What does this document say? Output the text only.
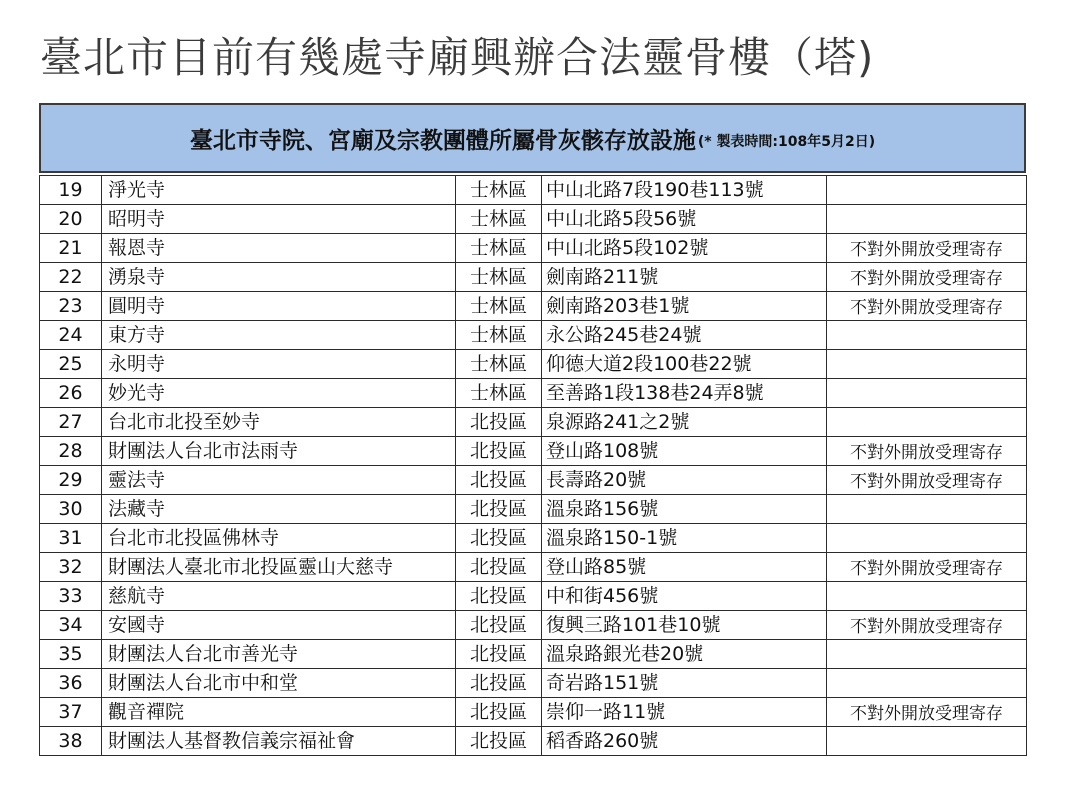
臺北市目前有幾處寺廟興辦合法靈骨樓（塔)
臺北市寺院、宮廟及宗教團體所屬骨灰骸存放設施 (* 製表時間:108年5月2日)
19	淨光寺	士林區	中山北路7段190巷113號	
20	昭明寺	士林區	中山北路5段56號	
21	報恩寺	士林區	中山北路5段102號	不對外開放受理寄存
22	湧泉寺	士林區	劍南路211號	不對外開放受理寄存
23	圓明寺	士林區	劍南路203巷1號	不對外開放受理寄存
24	東方寺	士林區	永公路245巷24號	
25	永明寺	士林區	仰德大道2段100巷22號	
26	妙光寺	士林區	至善路1段138巷24弄8號	
27	台北市北投至妙寺	北投區	泉源路241之2號	
28	財團法人台北市法雨寺	北投區	登山路108號	不對外開放受理寄存
29	靈法寺	北投區	長壽路20號	不對外開放受理寄存
30	法藏寺	北投區	溫泉路156號	
31	台北市北投區佛林寺	北投區	溫泉路150-1號	
32	財團法人臺北市北投區靈山大慈寺	北投區	登山路85號	不對外開放受理寄存
33	慈航寺	北投區	中和街456號	
34	安國寺	北投區	復興三路101巷10號	不對外開放受理寄存
35	財團法人台北市善光寺	北投區	溫泉路銀光巷20號	
36	財團法人台北市中和堂	北投區	奇岩路151號	
37	觀音禪院	北投區	崇仰一路11號	不對外開放受理寄存
38	財團法人基督教信義宗福祉會	北投區	稻香路260號	
